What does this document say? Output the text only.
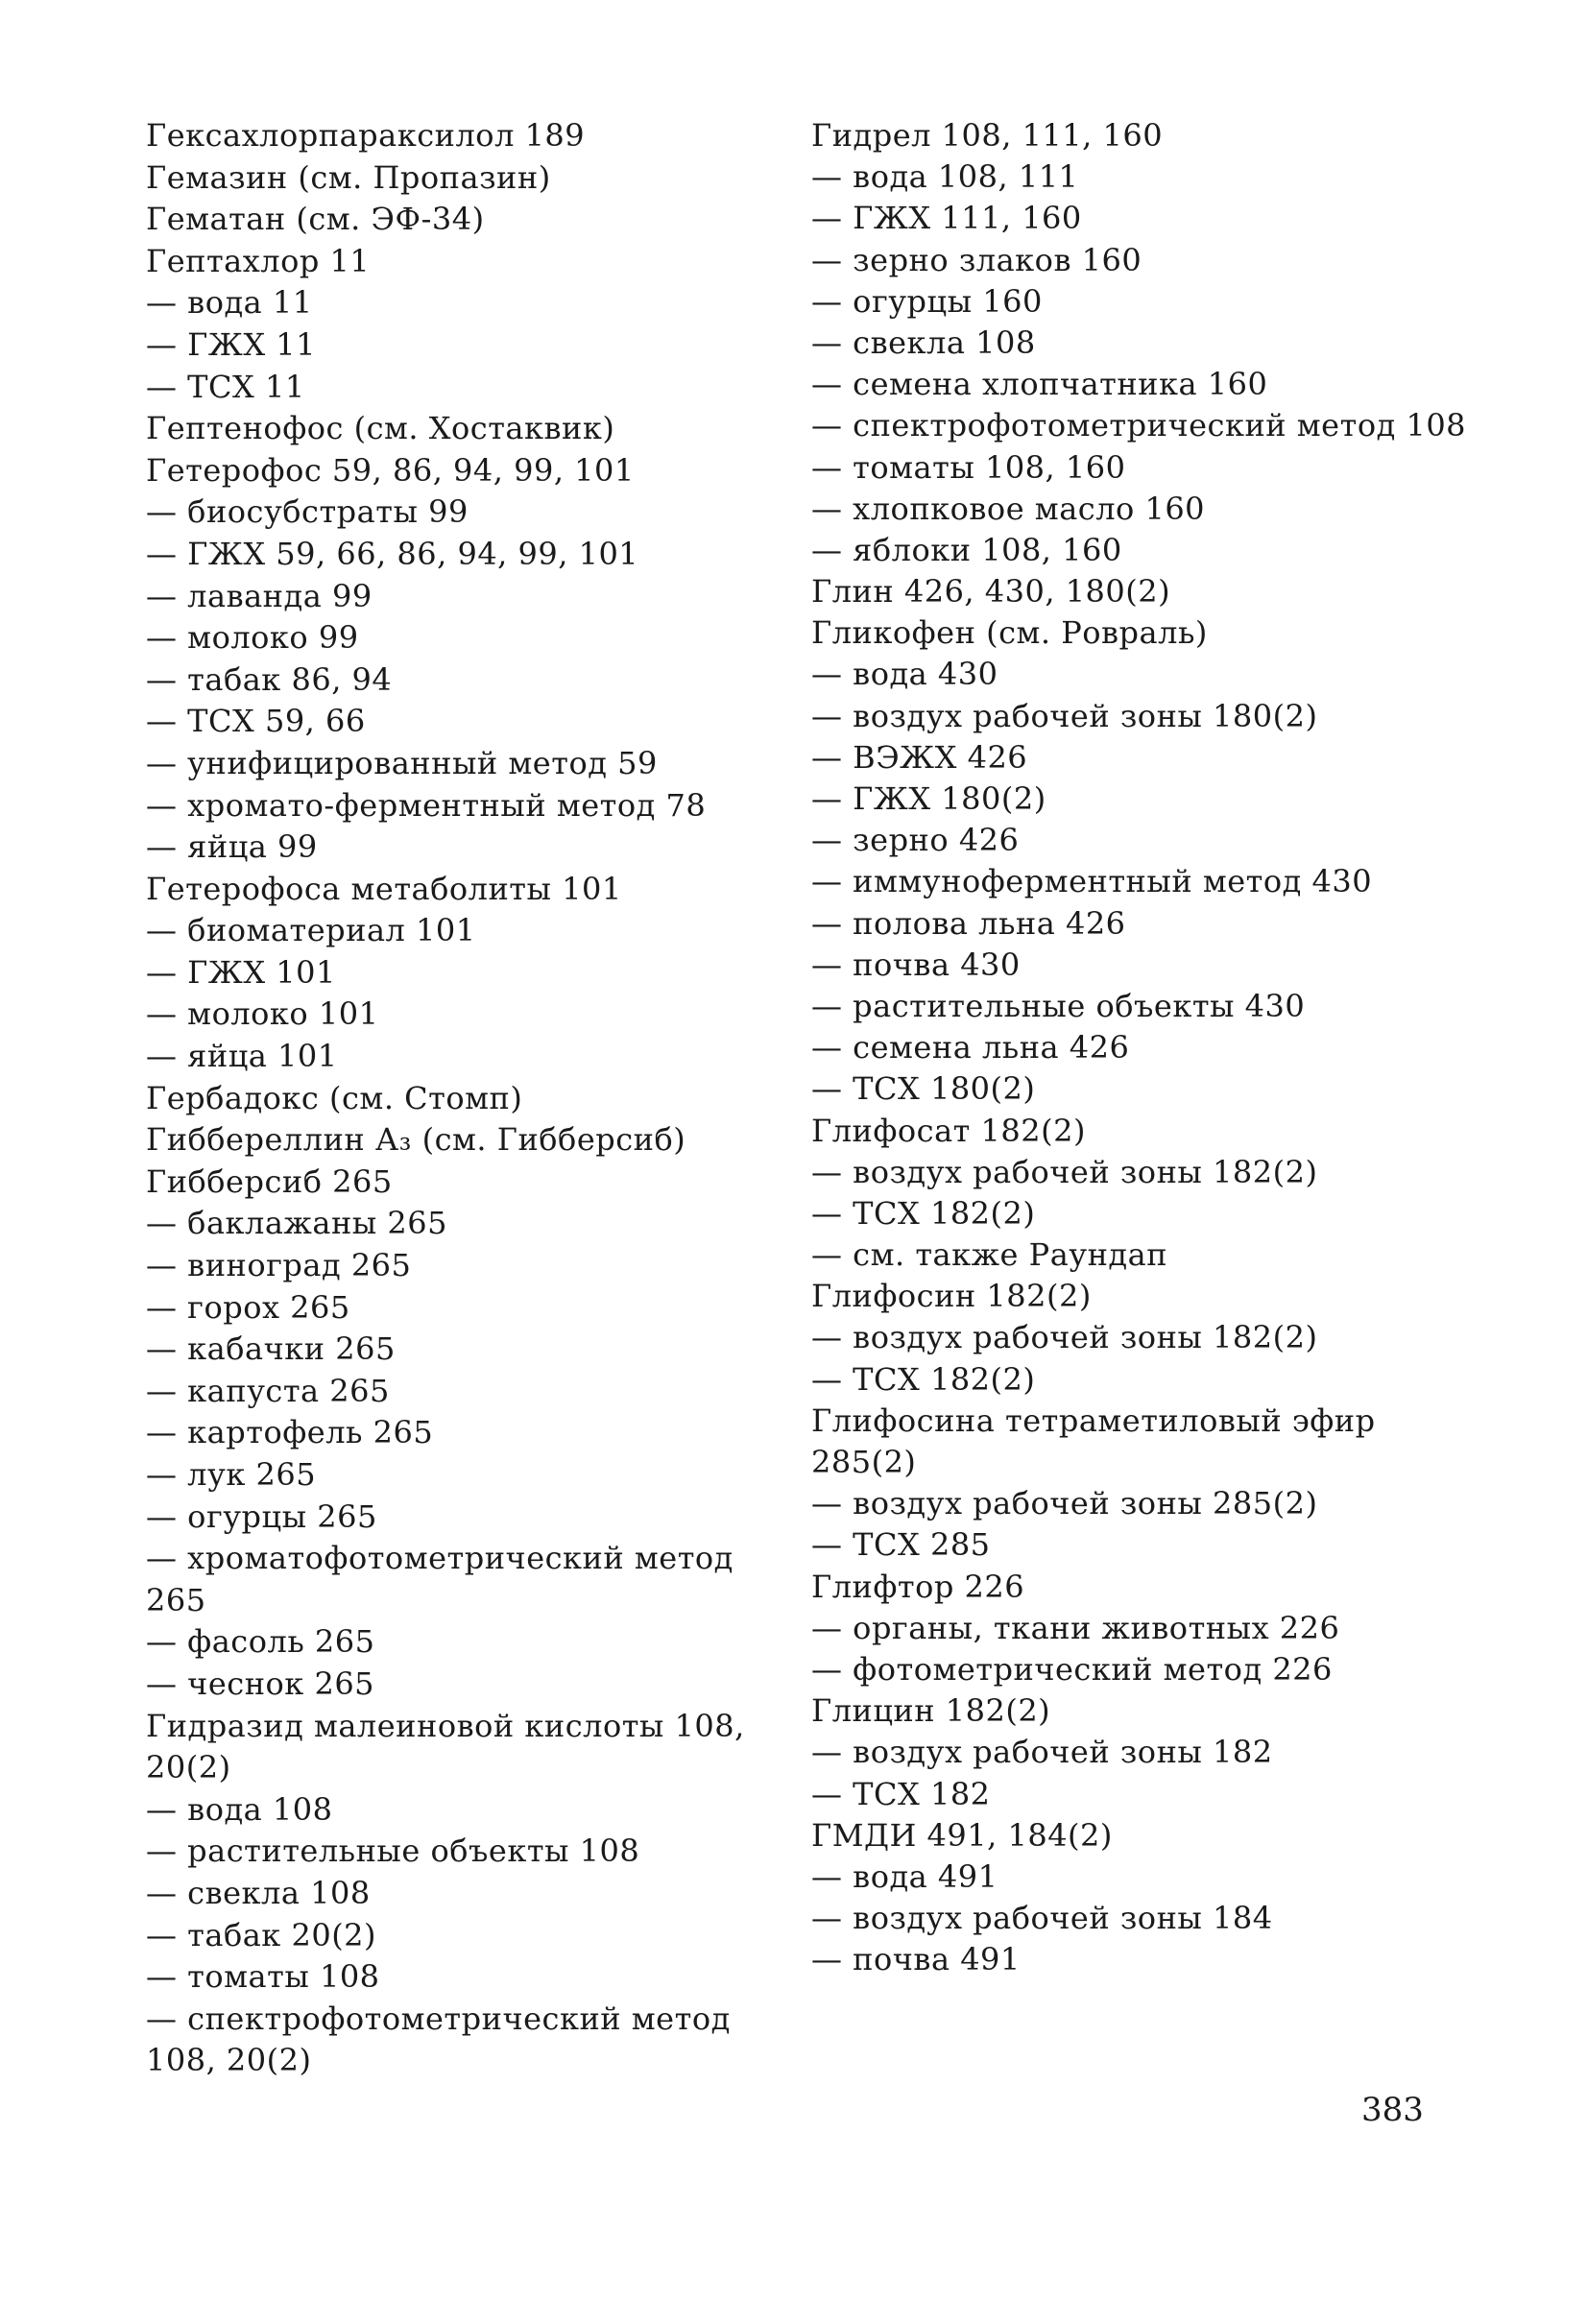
Гексахлорпараксилол 189
Гемазин (см. Пропазин)
Гематан (см. ЭФ-34)
Гептахлор 11
— вода 11
— ГЖХ 11
— ТСХ 11
Гептенофос (см. Хостаквик)
Гетерофос 59, 86, 94, 99, 101
— биосубстраты 99
— ГЖХ 59, 66, 86, 94, 99, 101
— лаванда 99
— молоко 99
— табак 86, 94
— ТСХ 59, 66
— унифицированный метод 59
— хромато-ферментный метод 78
— яйца 99
Гетерофоса метаболиты 101
— биоматериал 101
— ГЖХ 101
— молоко 101
— яйца 101
Гербадокс (см. Стомп)
Гиббереллин А₃ (см. Гибберсиб)
Гибберсиб 265
— баклажаны 265
— виноград 265
— горох 265
— кабачки 265
— капуста 265
— картофель 265
— лук 265
— огурцы 265
— хроматофотометрический метод
265
— фасоль 265
— чеснок 265
Гидразид малеиновой кислоты 108,
20(2)
— вода 108
— растительные объекты 108
— свекла 108
— табак 20(2)
— томаты 108
— спектрофотометрический метод
108, 20(2)
Гидрел 108, 111, 160
— вода 108, 111
— ГЖХ 111, 160
— зерно злаков 160
— огурцы 160
— свекла 108
— семена хлопчатника 160
— спектрофотометрический метод 108
— томаты 108, 160
— хлопковое масло 160
— яблоки 108, 160
Глин 426, 430, 180(2)
Гликофен (см. Ровраль)
— вода 430
— воздух рабочей зоны 180(2)
— ВЭЖХ 426
— ГЖХ 180(2)
— зерно 426
— иммуноферментный метод 430
— полова льна 426
— почва 430
— растительные объекты 430
— семена льна 426
— ТСХ 180(2)
Глифосат 182(2)
— воздух рабочей зоны 182(2)
— ТСХ 182(2)
— см. также Раундап
Глифосин 182(2)
— воздух рабочей зоны 182(2)
— ТСХ 182(2)
Глифосина тетраметиловый эфир
285(2)
— воздух рабочей зоны 285(2)
— ТСХ 285
Глифтор 226
— органы, ткани животных 226
— фотометрический метод 226
Глицин 182(2)
— воздух рабочей зоны 182
— ТСХ 182
ГМДИ 491, 184(2)
— вода 491
— воздух рабочей зоны 184
— почва 491
383
